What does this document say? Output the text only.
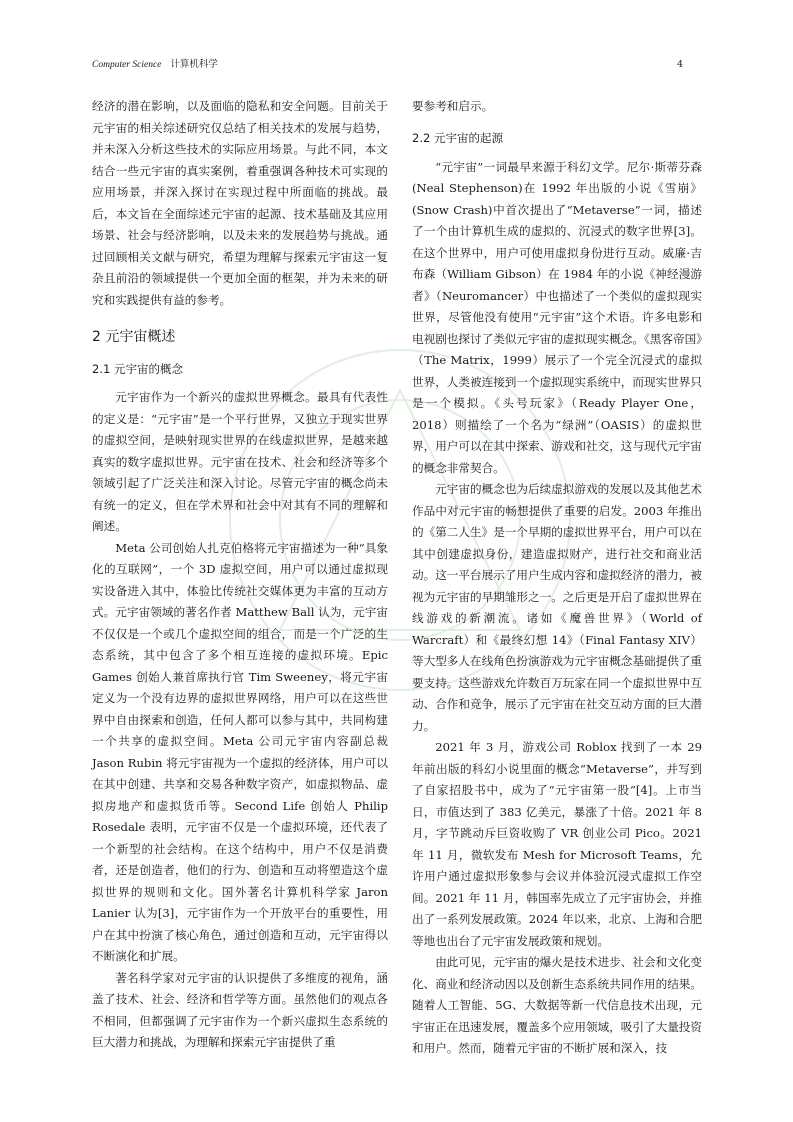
Computer Science 计算机科学	4

经济的潜在影响，以及面临的隐私和安全问题。目前关于元宇宙的相关综述研究仅总结了相关技术的发展与趋势，并未深入分析这些技术的实际应用场景。与此不同，本文结合一些元宇宙的真实案例，着重强调各种技术可实现的应用场景，并深入探讨在实现过程中所面临的挑战。最后，本文旨在全面综述元宇宙的起源、技术基础及其应用场景、社会与经济影响，以及未来的发展趋势与挑战。通过回顾相关文献与研究，希望为理解与探索元宇宙这一复杂且前沿的领域提供一个更加全面的框架，并为未来的研究和实践提供有益的参考。

2 元宇宙概述
2.1 元宇宙的概念

元宇宙作为一个新兴的虚拟世界概念。最具有代表性的定义是：“元宇宙”是一个平行世界，又独立于现实世界的虚拟空间，是映射现实世界的在线虚拟世界，是越来越真实的数字虚拟世界。元宇宙在技术、社会和经济等多个领域引起了广泛关注和深入讨论。尽管元宇宙的概念尚未有统一的定义，但在学术界和社会中对其有不同的理解和阐述。

Meta 公司创始人扎克伯格将元宇宙描述为一种“具象化的互联网”，一个 3D 虚拟空间，用户可以通过虚拟现实设备进入其中，体验比传统社交媒体更为丰富的互动方式。元宇宙领域的著名作者 Matthew Ball 认为，元宇宙不仅仅是一个或几个虚拟空间的组合，而是一个广泛的生态系统，其中包含了多个相互连接的虚拟环境。Epic Games 创始人兼首席执行官 Tim Sweeney，将元宇宙定义为一个没有边界的虚拟世界网络，用户可以在这些世界中自由探索和创造，任何人都可以参与其中，共同构建一个共享的虚拟空间。Meta 公司元宇宙内容副总裁 Jason Rubin 将元宇宙视为一个虚拟的经济体，用户可以在其中创建、共享和交易各种数字资产，如虚拟物品、虚拟房地产和虚拟货币等。Second Life 创始人 Philip Rosedale 表明，元宇宙不仅是一个虚拟环境，还代表了一个新型的社会结构。在这个结构中，用户不仅是消费者，还是创造者，他们的行为、创造和互动将塑造这个虚拟世界的规则和文化。国外著名计算机科学家 Jaron Lanier 认为[3]，元宇宙作为一个开放平台的重要性，用户在其中扮演了核心角色，通过创造和互动，元宇宙得以不断演化和扩展。

著名科学家对元宇宙的认识提供了多维度的视角，涵盖了技术、社会、经济和哲学等方面。虽然他们的观点各不相同，但都强调了元宇宙作为一个新兴虚拟生态系统的巨大潜力和挑战，为理解和探索元宇宙提供了重

要参考和启示。

2.2 元宇宙的起源

“元宇宙”一词最早来源于科幻文学。尼尔·斯蒂芬森(Neal Stephenson)在 1992 年出版的小说《雪崩》(Snow Crash)中首次提出了“Metaverse”一词，描述了一个由计算机生成的虚拟的、沉浸式的数字世界[3]。在这个世界中，用户可使用虚拟身份进行互动。威廉·吉布森（William Gibson）在 1984 年的小说《神经漫游者》（Neuromancer）中也描述了一个类似的虚拟现实世界，尽管他没有使用“元宇宙”这个术语。许多电影和电视剧也探讨了类似元宇宙的虚拟现实概念。《黑客帝国》（The Matrix，1999）展示了一个完全沉浸式的虚拟世界，人类被连接到一个虚拟现实系统中，而现实世界只是一个模拟。《头号玩家》（Ready Player One，2018）则描绘了一个名为“绿洲”（OASIS）的虚拟世界，用户可以在其中探索、游戏和社交，这与现代元宇宙的概念非常契合。

元宇宙的概念也为后续虚拟游戏的发展以及其他艺术作品中对元宇宙的畅想提供了重要的启发。2003 年推出的《第二人生》是一个早期的虚拟世界平台，用户可以在其中创建虚拟身份，建造虚拟财产，进行社交和商业活动。这一平台展示了用户生成内容和虚拟经济的潜力，被视为元宇宙的早期雏形之一。之后更是开启了虚拟世界在线游戏的新潮流。诸如《魔兽世界》（World of Warcraft）和《最终幻想 14》（Final Fantasy XIV）等大型多人在线角色扮演游戏为元宇宙概念基础提供了重要支持。这些游戏允许数百万玩家在同一个虚拟世界中互动、合作和竞争，展示了元宇宙在社交互动方面的巨大潜力。

2021 年 3 月，游戏公司 Roblox 找到了一本 29 年前出版的科幻小说里面的概念“Metaverse”，并写到了自家招股书中，成为了“元宇宙第一股”[4]。上市当日，市值达到了 383 亿美元，暴涨了十倍。2021 年 8 月，字节跳动斥巨资收购了 VR 创业公司 Pico。2021 年 11 月，微软发布 Mesh for Microsoft Teams，允许用户通过虚拟形象参与会议并体验沉浸式虚拟工作空间。2021 年 11 月，韩国率先成立了元宇宙协会，并推出了一系列发展政策。2024 年以来，北京、上海和合肥等地也出台了元宇宙发展政策和规划。

由此可见，元宇宙的爆火是技术进步、社会和文化变化、商业和经济动因以及创新生态系统共同作用的结果。随着人工智能、5G、大数据等新一代信息技术出现，元宇宙正在迅速发展，覆盖多个应用领域，吸引了大量投资和用户。然而，随着元宇宙的不断扩展和深入，技
